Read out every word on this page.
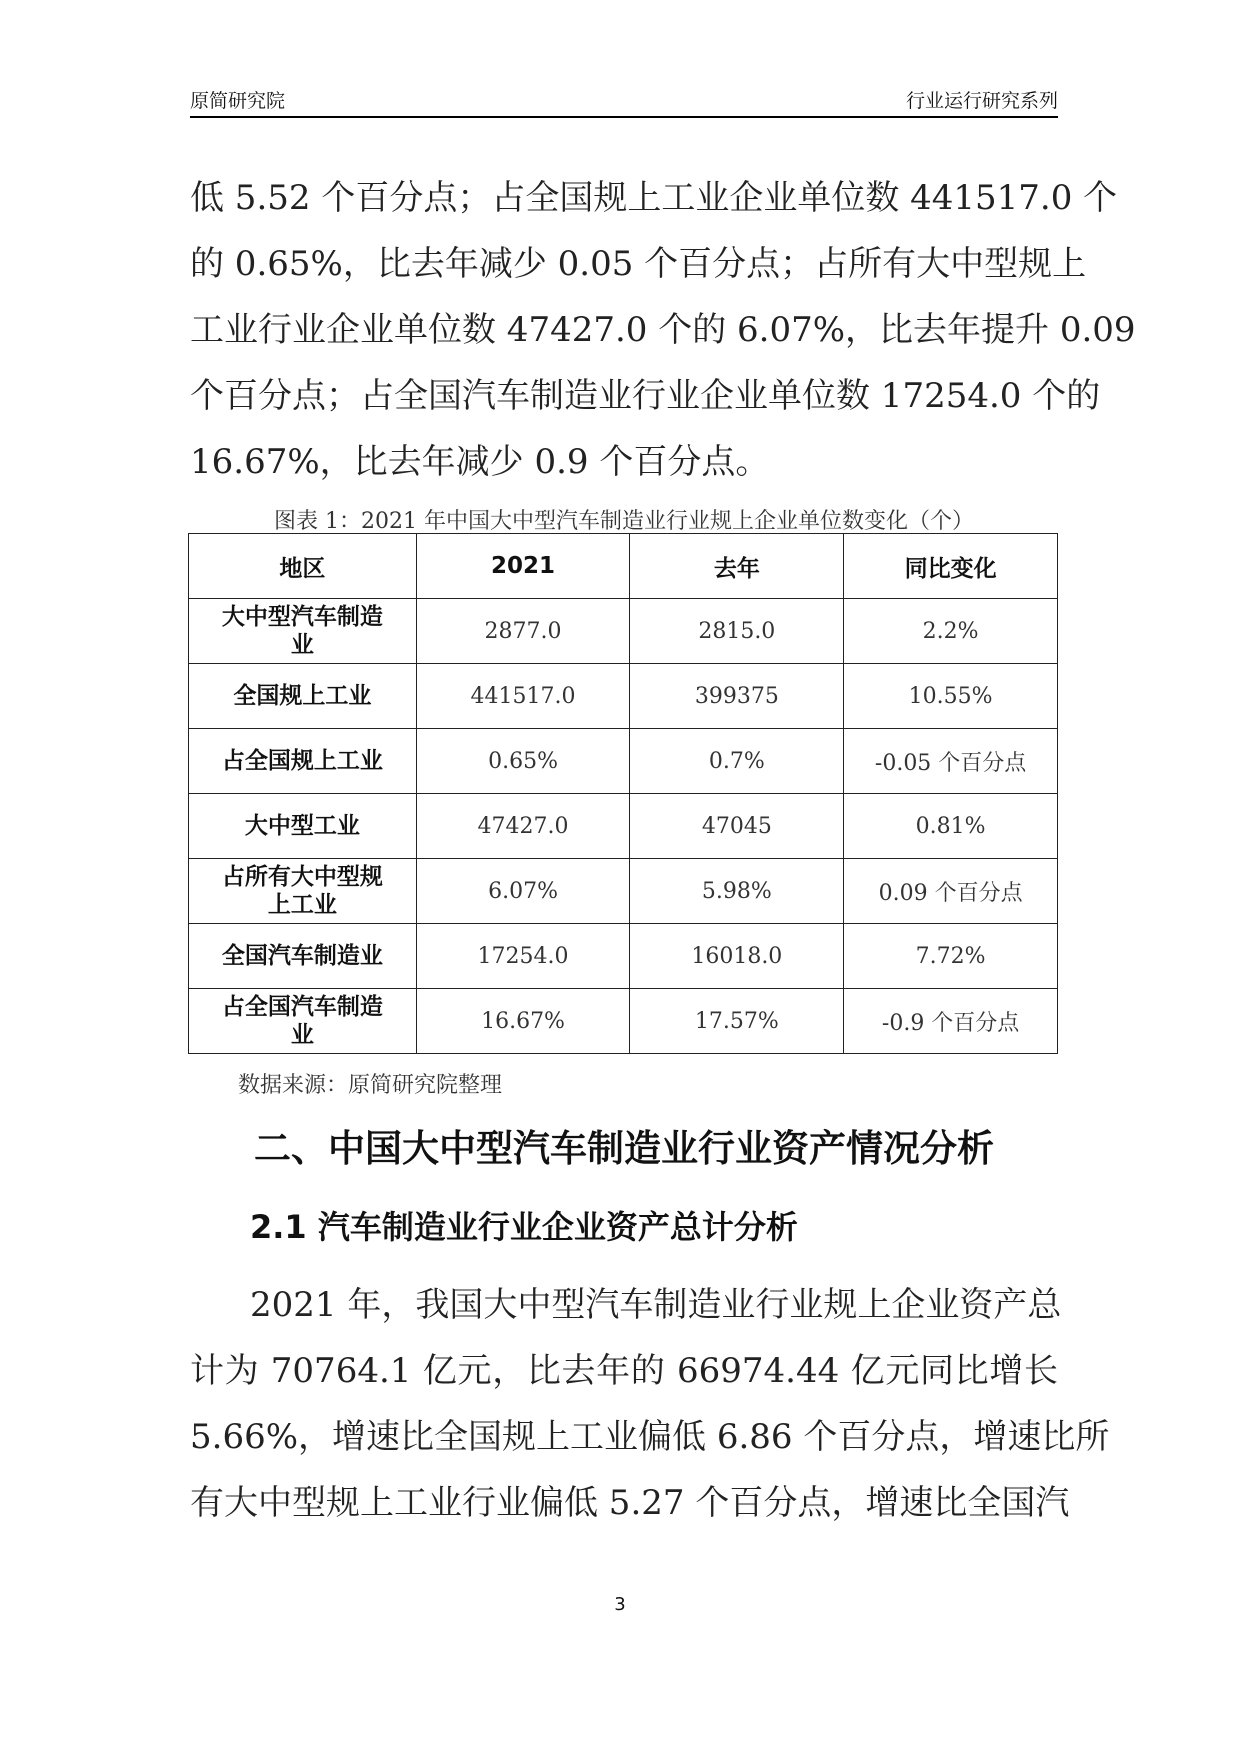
原简研究院	行业运行研究系列
低 5.52 个百分点；占全国规上工业企业单位数 441517.0 个
的 0.65%，比去年减少 0.05 个百分点；占所有大中型规上
工业行业企业单位数 47427.0 个的 6.07%，比去年提升 0.09
个百分点；占全国汽车制造业行业企业单位数 17254.0 个的
16.67%，比去年减少 0.9 个百分点。
图表 1：2021 年中国大中型汽车制造业行业规上企业单位数变化（个）
地区	2021	去年	同比变化
大中型汽车制造
业	2877.0	2815.0	2.2%
全国规上工业	441517.0	399375	10.55%
占全国规上工业	0.65%	0.7%	-0.05 个百分点
大中型工业	47427.0	47045	0.81%
占所有大中型规
上工业	6.07%	5.98%	0.09 个百分点
全国汽车制造业	17254.0	16018.0	7.72%
占全国汽车制造
业	16.67%	17.57%	-0.9 个百分点
数据来源：原简研究院整理
二、中国大中型汽车制造业行业资产情况分析
2.1 汽车制造业行业企业资产总计分析
2021 年，我国大中型汽车制造业行业规上企业资产总
计为 70764.1 亿元，比去年的 66974.44 亿元同比增长
5.66%，增速比全国规上工业偏低 6.86 个百分点，增速比所
有大中型规上工业行业偏低 5.27 个百分点，增速比全国汽
3
